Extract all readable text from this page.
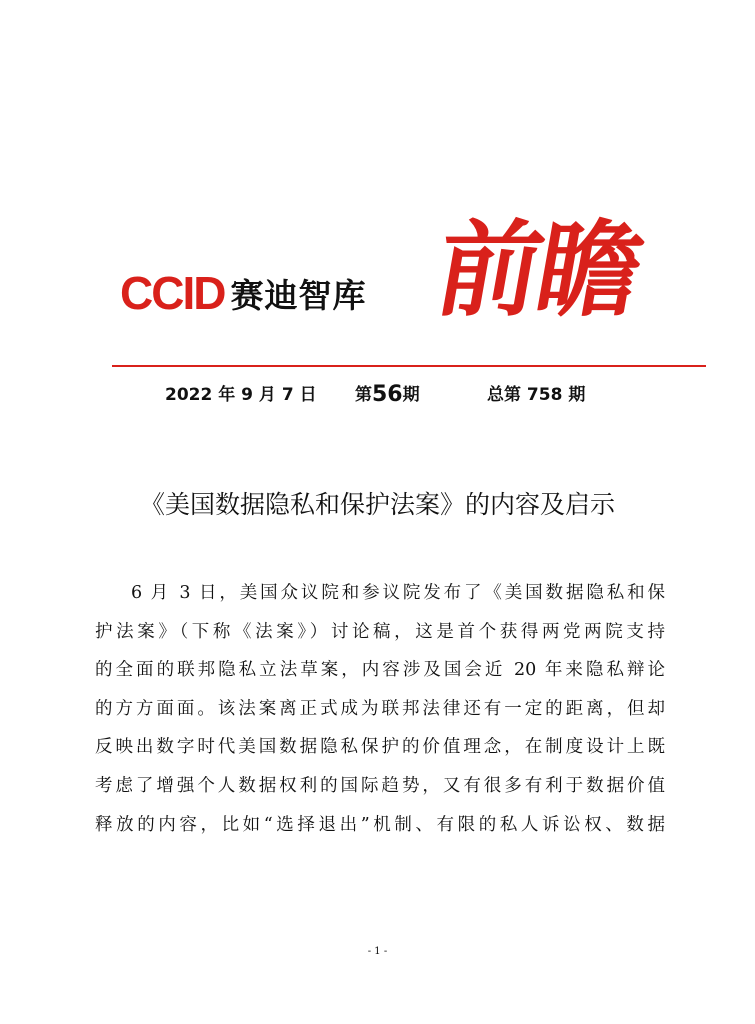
CCID 赛迪智库 前瞻
2022 年 9 月 7 日 第56期	总第 758 期
《美国数据隐私和保护法案》的内容及启示

6 月 3 日，美国众议院和参议院发布了《美国数据隐私和保

护法案》（下称《法案》）讨论稿，这是首个获得两党两院支持

的全面的联邦隐私立法草案，内容涉及国会近 20 年来隐私辩论

的方方面面。该法案离正式成为联邦法律还有一定的距离，但却

反映出数字时代美国数据隐私保护的价值理念，在制度设计上既

考虑了增强个人数据权利的国际趋势，又有很多有利于数据价值

释放的内容，比如“选择退出”机制、有限的私人诉讼权、数据

- 1 -
